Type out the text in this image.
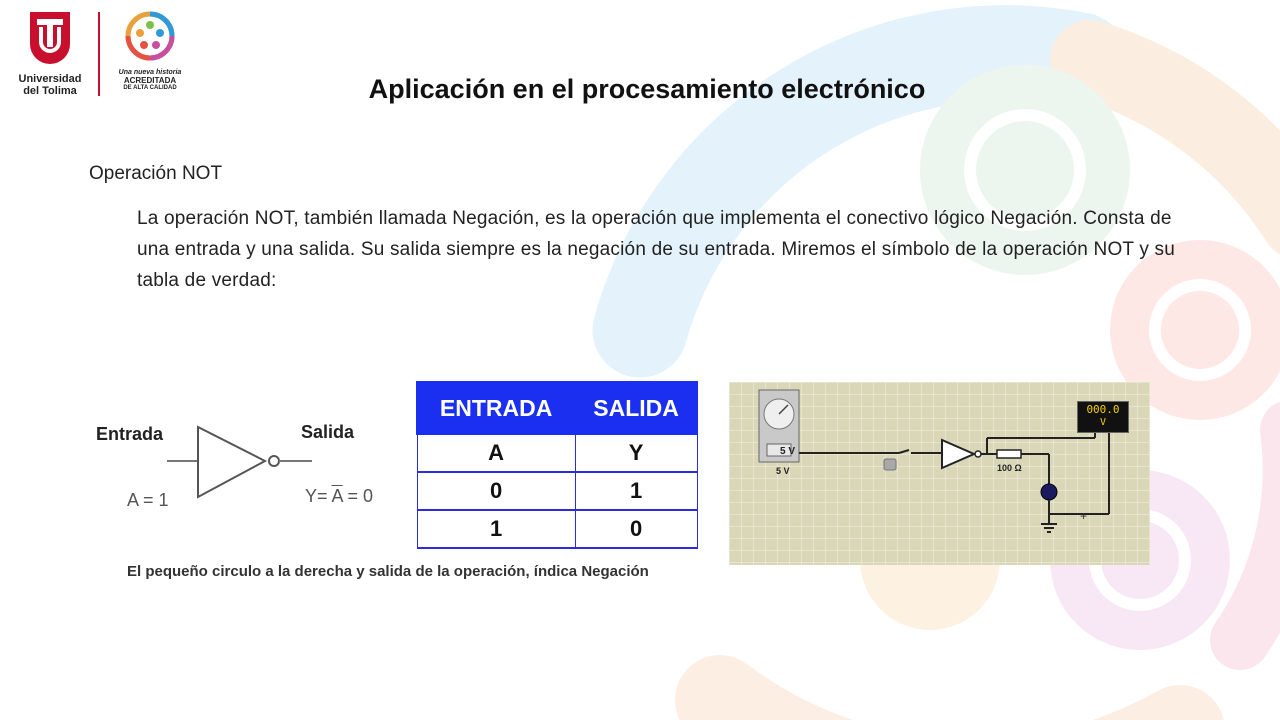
Universidad
del Tolima
Una nueva historia
ACREDITADA
DE ALTA CALIDAD	Aplicación en el procesamiento electrónico
Operación NOT
La operación NOT, también llamada Negación, es la operación que implementa el conectivo lógico Negación. Consta de una entrada y una salida. Su salida siempre es la negación de su entrada. Miremos el símbolo de la operación NOT y su tabla de verdad:
Entrada	Salida
A = 1	$Y= \overline{A} = 0$
El pequeño circulo a la derecha y salida de la operación, índica Negación
ENTRADA	SALIDA
A	Y
0	1
1	0	+
5 V
5 V	100 Ω
000.0
V
